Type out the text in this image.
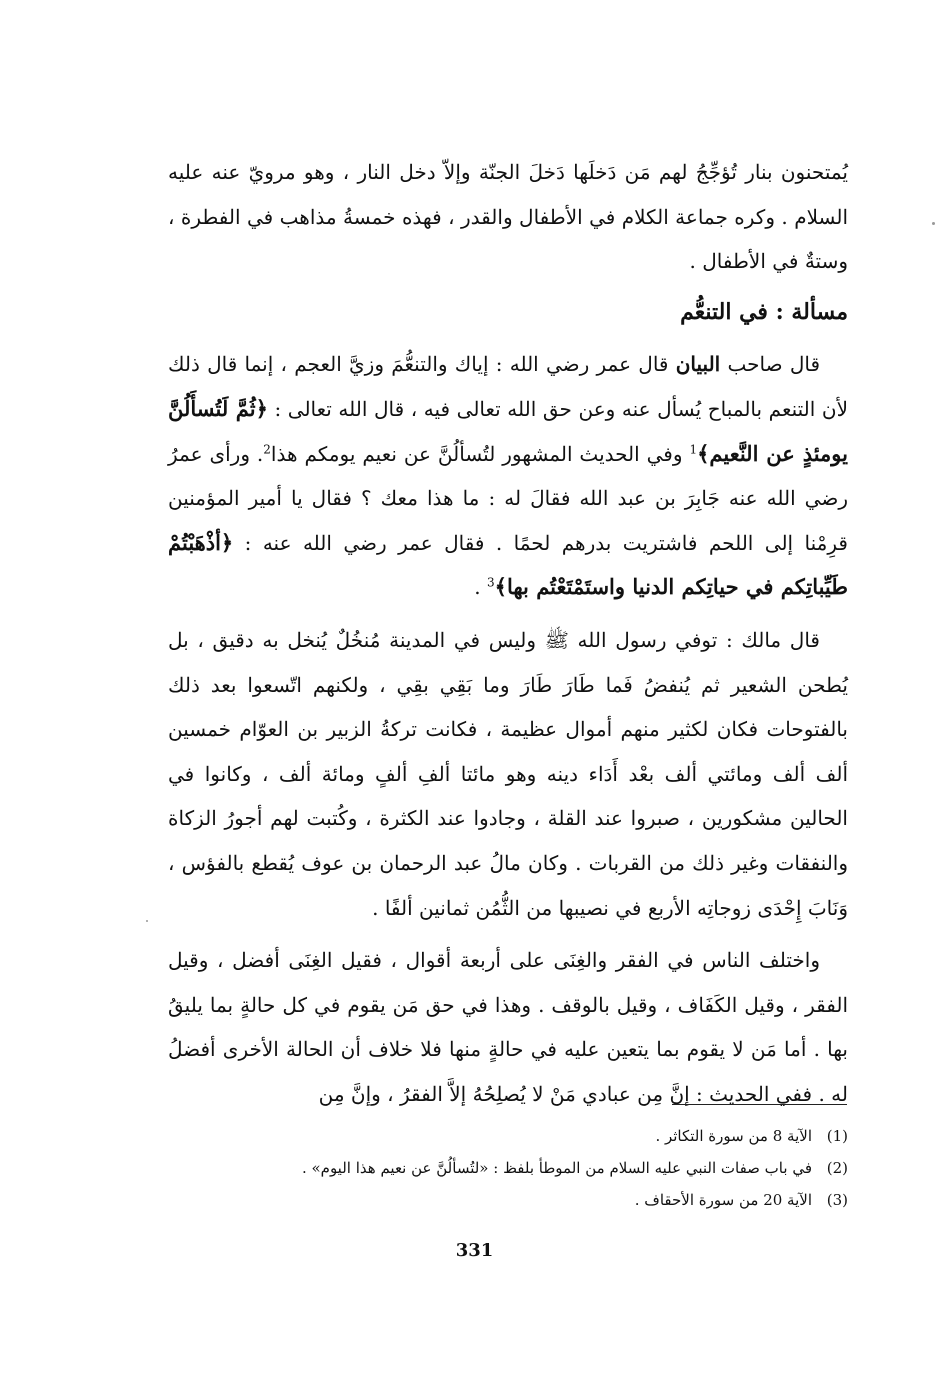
يُمتحنون بنار تُؤجِّجُ لهم مَن دَخلَها دَخلَ الجنّة وإلاّ دخل النار ، وهو مرويّ عنه عليه السلام . وكره جماعة الكلام في الأطفال والقدر ، فهذه خمسةُ مذاهب في الفطرة ، وستةٌ في الأطفال .

مسألة : في التنعُّم

قال صاحب البيان قال عمر رضي الله : إياك والتنعُّمَ وزيَّ العجم ، إنما قال ذلك لأن التنعم بالمباح يُسأل عنه وعن حق الله تعالى فيه ، قال الله تعالى : ﴿ثُمَّ لَتُسأَلُنَّ يومئذٍ عن النَّعيم﴾$^1$ وفي الحديث المشهور لتُسألُنَّ عن نعيم يومكم هذا$^2$. ورأى عمرُ رضي الله عنه جَابِرَ بن عبد الله فقالَ له : ما هذا معك ؟ فقال يا أمير المؤمنين قرِمْنا إلى اللحم فاشتريت بدرهم لحمًا . فقال عمر رضي الله عنه : ﴿أذْهَبْتُمْ طَيِّباتِكم في حياتِكم الدنيا واستَمْتَعْتُم بها﴾$^3$ .

قال مالك : توفي رسول الله ﷺ وليس في المدينة مُنخُلٌ يُنخل به دقيق ، بل يُطحن الشعير ثم يُنفضُ فَما طَارَ طَارَ وما بَقِي بقِي ، ولكنهم اتّسعوا بعد ذلك بالفتوحات فكان لكثير منهم أموال عظيمة ، فكانت تركةُ الزبير بن العوّام خمسين ألف ألف ومائتي ألف بعْد أَدَاء دينه وهو مائتا ألفِ ألفٍ ومائة ألف ، وكانوا في الحالين مشكورين ، صبروا عند القلة ، وجادوا عند الكثرة ، وكُتبت لهم أجورُ الزكاة والنفقات وغير ذلك من القربات . وكان مالُ عبد الرحمان بن عوف يُقطع بالفؤس ، وَنَابَ إِحْدَى زوجاتِه الأربع في نصيبها من الثُّمُن ثمانين ألفًا .

واختلف الناس في الفقر والغِنَى على أربعة أقوال ، فقيل الغِنَى أفضل ، وقيل الفقر ، وقيل الكَفَاف ، وقيل بالوقف . وهذا في حق مَن يقوم في كل حالةٍ بما يليقُ بها . أما مَن لا يقوم بما يتعين عليه في حالةٍ منها فلا خلاف أن الحالة الأخرى أفضلُ له . ففي الحديث : إنَّ مِن عبادي مَنْ لا يُصلِحُهُ إلاَّ الفقرُ ، وإنَّ مِن

(1)
الآية 8 من سورة التكاثر .
(2)
في باب صفات النبي عليه السلام من الموطأ بلفظ : «لتُسألُنَّ عن نعيم هذا اليوم» .
(3)
الآية 20 من سورة الأحقاف .
331
